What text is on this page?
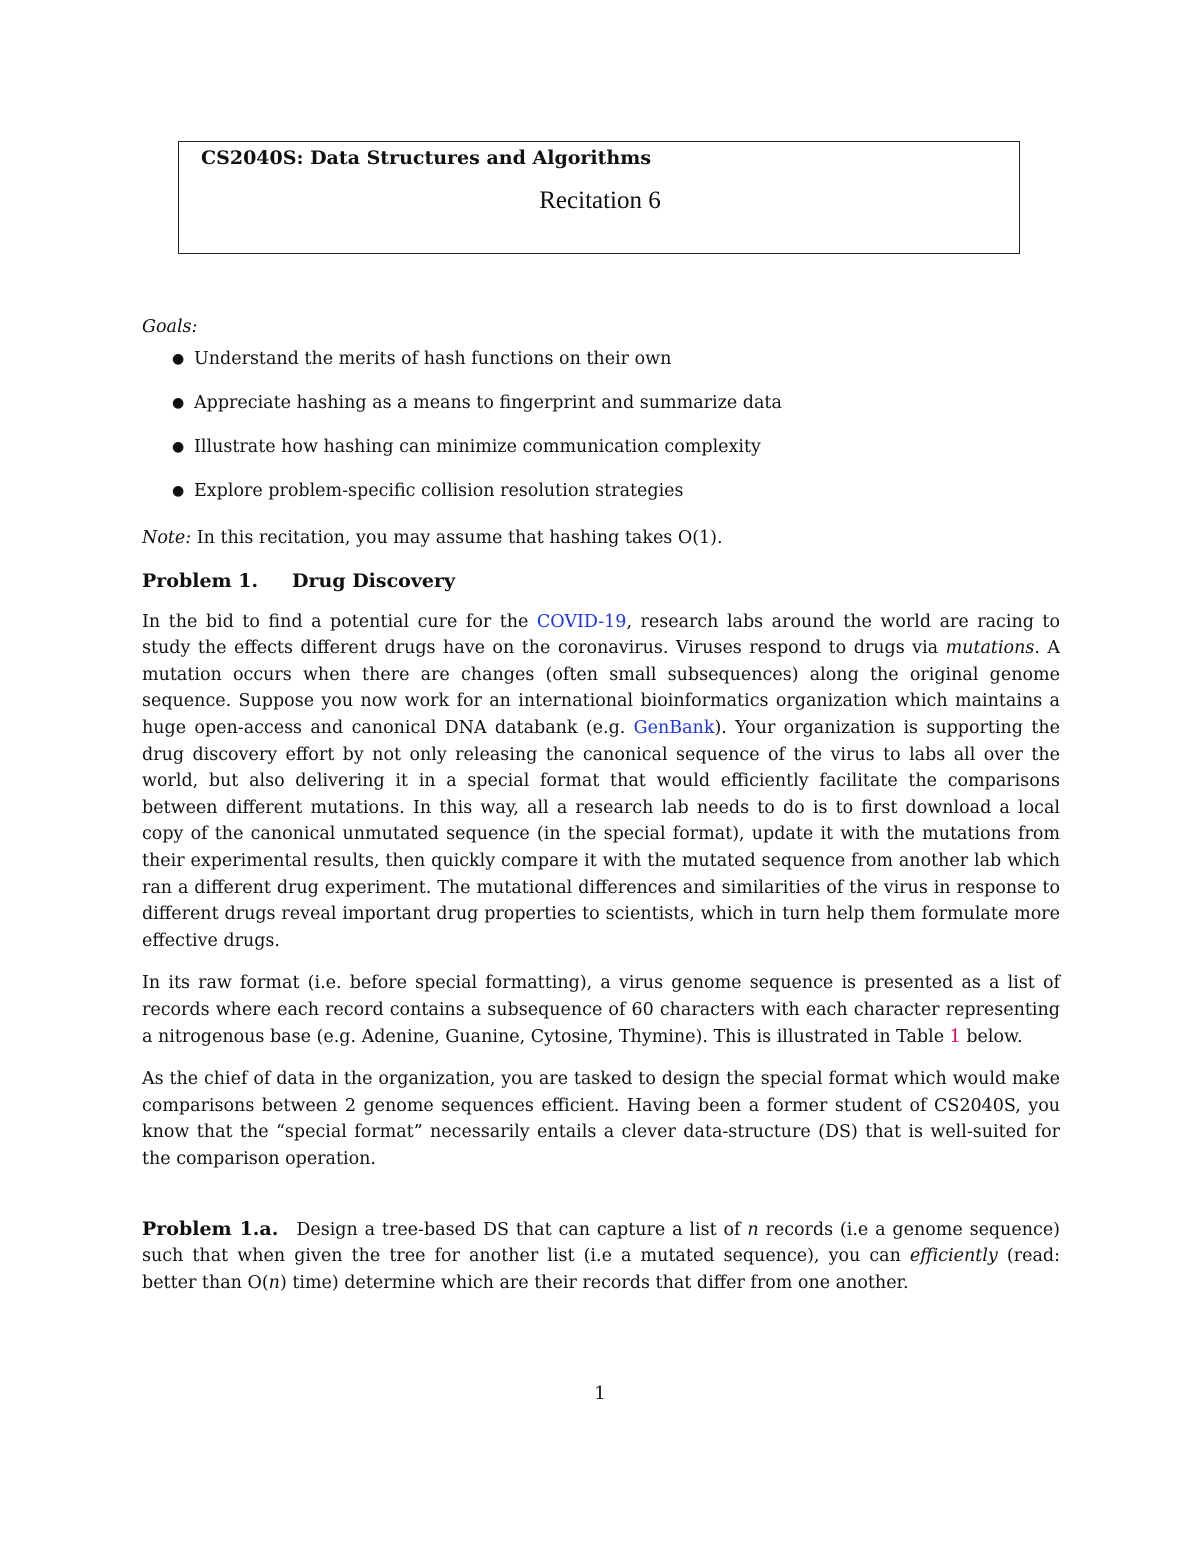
CS2040S: Data Structures and Algorithms
Recitation 6

Goals:

● Understand the merits of hash functions on their own
● Appreciate hashing as a means to fingerprint and summarize data
● Illustrate how hashing can minimize communication complexity
● Explore problem-specific collision resolution strategies

Note: In this recitation, you may assume that hashing takes O(1).

Problem 1. Drug Discovery

In the bid to find a potential cure for the COVID-19, research labs around the world are racing to study the effects different drugs have on the coronavirus. Viruses respond to drugs via mutations. A mutation occurs when there are changes (often small subsequences) along the original genome sequence. Suppose you now work for an international bioinformatics organization which maintains a huge open-access and canonical DNA databank (e.g. GenBank). Your organization is supporting the drug discovery effort by not only releasing the canonical sequence of the virus to labs all over the world, but also delivering it in a special format that would efficiently facilitate the comparisons between different mutations. In this way, all a research lab needs to do is to first download a local copy of the canonical unmutated sequence (in the special format), update it with the mutations from their experimental results, then quickly compare it with the mutated sequence from another lab which ran a different drug experiment. The mutational differences and similarities of the virus in response to different drugs reveal important drug properties to scientists, which in turn help them formulate more effective drugs.

In its raw format (i.e. before special formatting), a virus genome sequence is presented as a list of records where each record contains a subsequence of 60 characters with each character representing a nitrogenous base (e.g. Adenine, Guanine, Cytosine, Thymine). This is illustrated in Table 1 below.

As the chief of data in the organization, you are tasked to design the special format which would make comparisons between 2 genome sequences efficient. Having been a former student of CS2040S, you know that the “special format” necessarily entails a clever data-structure (DS) that is well-suited for the comparison operation.

Problem 1.a. Design a tree-based DS that can capture a list of n records (i.e a genome sequence) such that when given the tree for another list (i.e a mutated sequence), you can efficiently (read: better than O(n) time) determine which are their records that differ from one another.

1
